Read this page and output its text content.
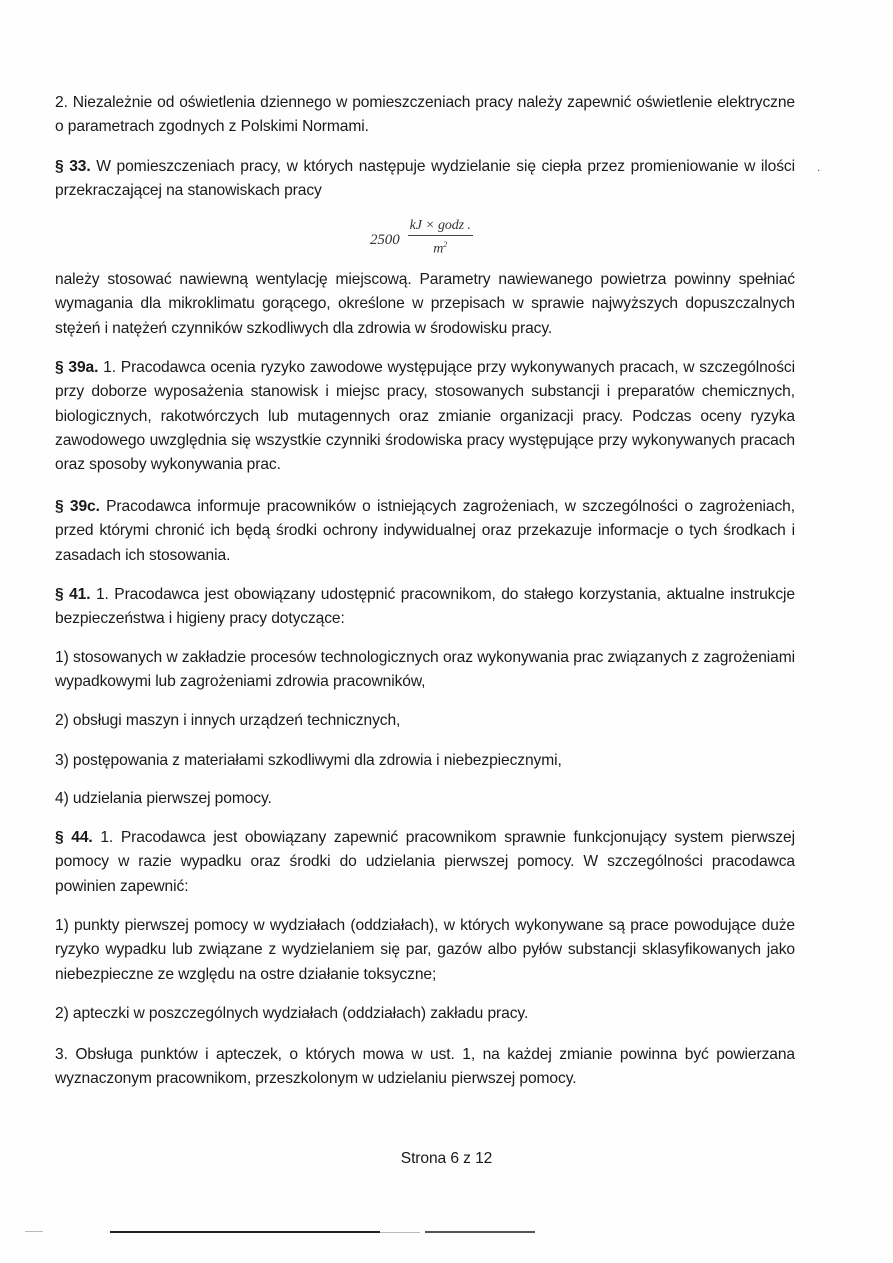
2. Niezależnie od oświetlenia dziennego w pomieszczeniach pracy należy zapewnić oświetlenie elektryczne o parametrach zgodnych z Polskimi Normami.

§ 33. W pomieszczeniach pracy, w których następuje wydzielanie się ciepła przez promieniowanie w ilości przekraczającej na stanowiskach pracy

.
$2500 \frac{\text{kJ × godz .}}{m^2}$

należy stosować nawiewną wentylację miejscową. Parametry nawiewanego powietrza powinny spełniać wymagania dla mikroklimatu gorącego, określone w przepisach w sprawie najwyższych dopuszczalnych stężeń i natężeń czynników szkodliwych dla zdrowia w środowisku pracy.

§ 39a. 1. Pracodawca ocenia ryzyko zawodowe występujące przy wykonywanych pracach, w szczególności przy doborze wyposażenia stanowisk i miejsc pracy, stosowanych substancji i preparatów chemicznych, biologicznych, rakotwórczych lub mutagennych oraz zmianie organizacji pracy. Podczas oceny ryzyka zawodowego uwzględnia się wszystkie czynniki środowiska pracy występujące przy wykonywanych pracach oraz sposoby wykonywania prac.

§ 39c. Pracodawca informuje pracowników o istniejących zagrożeniach, w szczególności o zagrożeniach, przed którymi chronić ich będą środki ochrony indywidualnej oraz przekazuje informacje o tych środkach i zasadach ich stosowania.

§ 41. 1. Pracodawca jest obowiązany udostępnić pracownikom, do stałego korzystania, aktualne instrukcje bezpieczeństwa i higieny pracy dotyczące:

1) stosowanych w zakładzie procesów technologicznych oraz wykonywania prac związanych z zagrożeniami wypadkowymi lub zagrożeniami zdrowia pracowników,

2) obsługi maszyn i innych urządzeń technicznych,

3) postępowania z materiałami szkodliwymi dla zdrowia i niebezpiecznymi,

4) udzielania pierwszej pomocy.

§ 44. 1. Pracodawca jest obowiązany zapewnić pracownikom sprawnie funkcjonujący system pierwszej pomocy w razie wypadku oraz środki do udzielania pierwszej pomocy. W szczególności pracodawca powinien zapewnić:

1) punkty pierwszej pomocy w wydziałach (oddziałach), w których wykonywane są prace powodujące duże ryzyko wypadku lub związane z wydzielaniem się par, gazów albo pyłów substancji sklasyfikowanych jako niebezpieczne ze względu na ostre działanie toksyczne;

2) apteczki w poszczególnych wydziałach (oddziałach) zakładu pracy.

3. Obsługa punktów i apteczek, o których mowa w ust. 1, na każdej zmianie powinna być powierzana wyznaczonym pracownikom, przeszkolonym w udzielaniu pierwszej pomocy.

Strona 6 z 12
